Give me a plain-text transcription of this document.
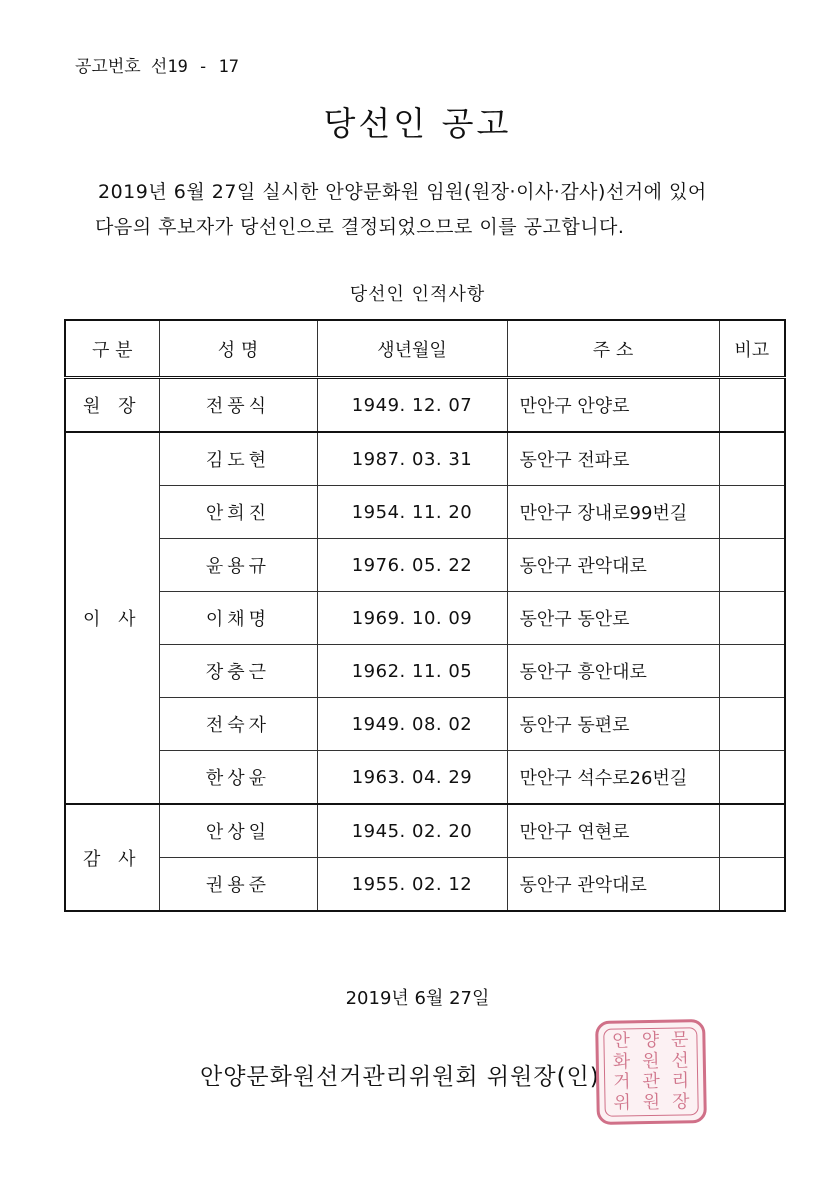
공고번호 선19 - 17
당선인 공고
2019년 6월 27일 실시한 안양문화원 임원(원장·이사·감사)선거에 있어
다음의 후보자가 당선인으로 결정되었으므로 이를 공고합니다.
당선인 인적사항
구 분	성 명	생년월일	주 소	비고
원 장	전풍식	1949. 12. 07	만안구 안양로	
이 사	김도현	1987. 03. 31	동안구 전파로	
	안희진	1954. 11. 20	만안구 장내로99번길	
	윤용규	1976. 05. 22	동안구 관악대로	
	이채명	1969. 10. 09	동안구 동안로	
	장충근	1962. 11. 05	동안구 흥안대로	
	전숙자	1949. 08. 02	동안구 동편로	
	한상윤	1963. 04. 29	만안구 석수로26번길	
감 사	안상일	1945. 02. 20	만안구 연현로	
	권용준	1955. 02. 12	동안구 관악대로	
2019년 6월 27일
안양문화원선거관리위원회 위원장(인)
안 양 문
화 원 선
거 관 리
위 원 장
